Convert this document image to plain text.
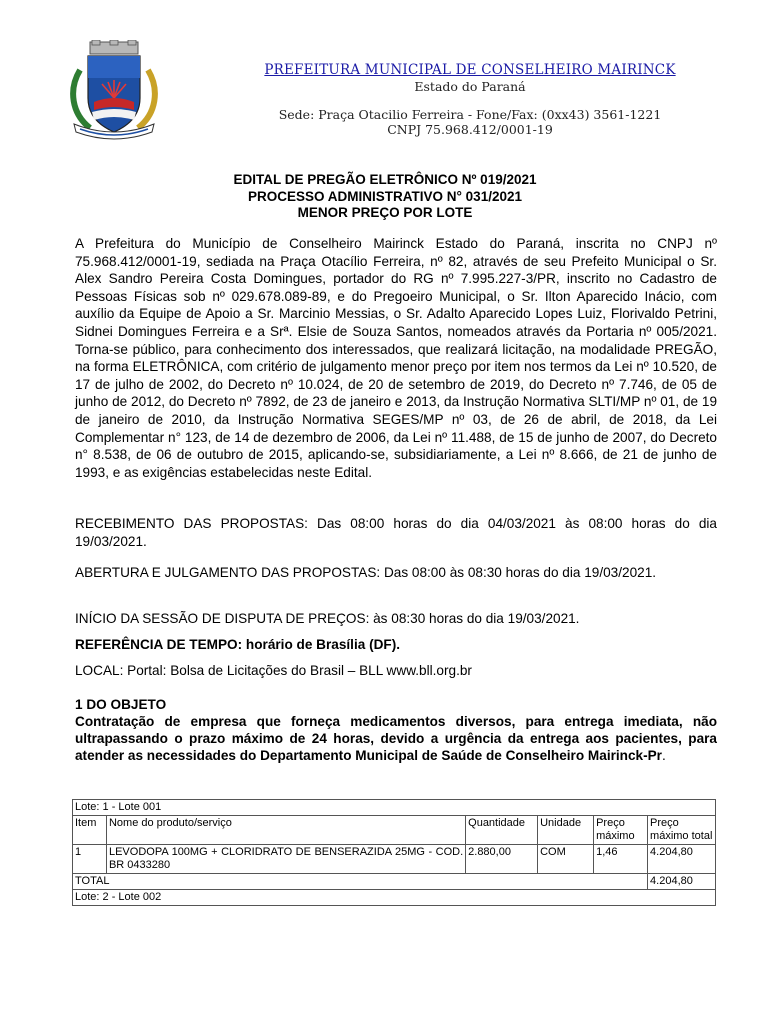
PREFEITURA MUNICIPAL DE CONSELHEIRO MAIRINCK
Estado do Paraná
Sede: Praça Otacilio Ferreira - Fone/Fax: (0xx43) 3561-1221
CNPJ 75.968.412/0001-19
EDITAL DE PREGÃO ELETRÔNICO Nº 019/2021
PROCESSO ADMINISTRATIVO N° 031/2021
MENOR PREÇO POR LOTE
A Prefeitura do Município de Conselheiro Mairinck Estado do Paraná, inscrita no CNPJ nº 75.968.412/0001-19, sediada na Praça Otacílio Ferreira, nº 82, através de seu Prefeito Municipal o Sr. Alex Sandro Pereira Costa Domingues, portador do RG nº 7.995.227-3/PR, inscrito no Cadastro de Pessoas Físicas sob nº 029.678.089-89, e do Pregoeiro Municipal, o Sr. Ilton Aparecido Inácio, com auxílio da Equipe de Apoio a Sr. Marcinio Messias, o Sr. Adalto Aparecido Lopes Luiz, Florivaldo Petrini, Sidnei Domingues Ferreira e a Srª. Elsie de Souza Santos, nomeados através da Portaria nº 005/2021. Torna-se público, para conhecimento dos interessados, que realizará licitação, na modalidade PREGÃO, na forma ELETRÔNICA, com critério de julgamento menor preço por item nos termos da Lei nº 10.520, de 17 de julho de 2002, do Decreto nº 10.024, de 20 de setembro de 2019, do Decreto nº 7.746, de 05 de junho de 2012, do Decreto nº 7892, de 23 de janeiro e 2013, da Instrução Normativa SLTI/MP nº 01, de 19 de janeiro de 2010, da Instrução Normativa SEGES/MP nº 03, de 26 de abril, de 2018, da Lei Complementar n° 123, de 14 de dezembro de 2006, da Lei nº 11.488, de 15 de junho de 2007, do Decreto n° 8.538, de 06 de outubro de 2015, aplicando-se, subsidiariamente, a Lei nº 8.666, de 21 de junho de 1993, e as exigências estabelecidas neste Edital.
RECEBIMENTO DAS PROPOSTAS: Das 08:00 horas do dia 04/03/2021 às 08:00 horas do dia 19/03/2021.
ABERTURA E JULGAMENTO DAS PROPOSTAS: Das 08:00 às 08:30 horas do dia 19/03/2021.
INÍCIO DA SESSÃO DE DISPUTA DE PREÇOS: às 08:30 horas do dia 19/03/2021.
REFERÊNCIA DE TEMPO: horário de Brasília (DF).
LOCAL: Portal: Bolsa de Licitações do Brasil – BLL www.bll.org.br
1 DO OBJETO
Contratação de empresa que forneça medicamentos diversos, para entrega imediata, não ultrapassando o prazo máximo de 24 horas, devido a urgência da entrega aos pacientes, para atender as necessidades do Departamento Municipal de Saúde de Conselheiro Mairinck-Pr.
Lote: 1 - Lote 001					
Item	Nome do produto/serviço	Quantidade	Unidade	Preço máximo	Preço máximo total
1	LEVODOPA 100MG + CLORIDRATO DE BENSERAZIDA 25MG - COD. BR 0433280	2.880,00	COM	1,46	4.204,80
TOTAL					4.204,80
Lote: 2 - Lote 002					
